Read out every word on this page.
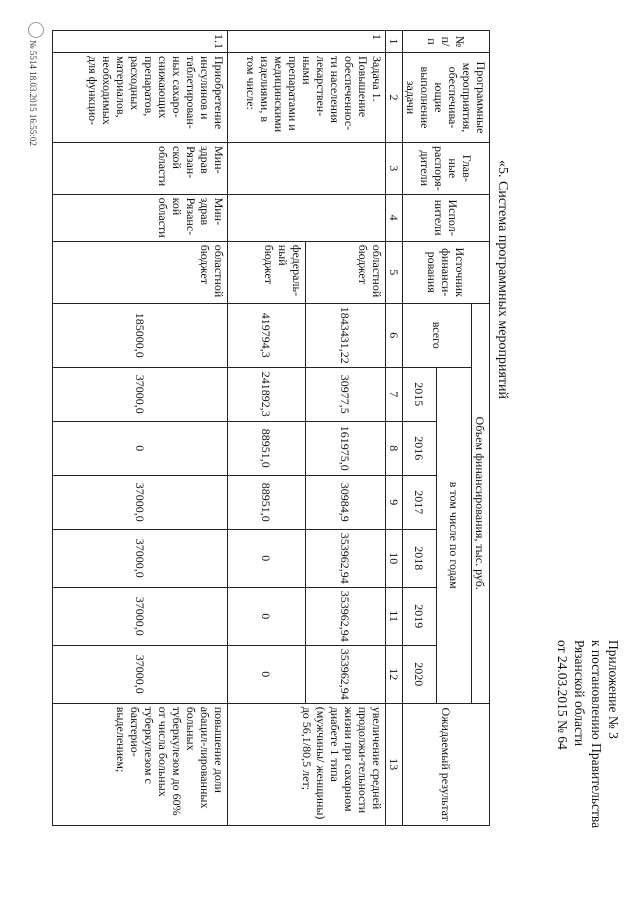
Приложение № 3
к постановлению Правительства
Рязанской области
от 24.03.2015 № 64
«5. Система программных мероприятий
№ п/п	Программные мероприятия, обеспечива-ющие выполнение задачи	Глав-ные распоря-дители	Испол-нители	Источник финанси-рования	Объем финансирования, тыс. руб.							Ожидаемый результат
					всего	в том числе по годам						
						2015	2016	2017	2018	2019	2020	
1	2	3	4	5	6	7	8	9	10	11	12	13
1	Задача 1. Повышение обеспеченнос-ти населения лекарствен-ными препаратами и медицинскими изделиями, в том числе:			областной бюджет	1843431,22	30977,5	161975,0	30984,9	353962,94	353962,94	353962,94	увеличение средней продолжи-тельности жизни при сахарном диабете 1 типа (мужчины/ женщины) до 56,1/80,5 лет;
				федераль-ный бюджет	419794,3	241892,3	88951,0	88951,0	0	0	0	
1.1	Приобретение инсулинов и таблетирован-ных сахаро-снижающих препаратов, расходных материалов, необходимых для функцио-	Мин-здрав Рязан-ской области	Мин-здрав Рязанс-кой области	областной бюджет	185000,0	37000,0	0	37000,0	37000,0	37000,0	37000,0	повышение доли абацил-лированных больных туберкулезом до 60% от числа больных туберкулезом с бактерио-выделением;
№ 5514 18.03.2015 16:55:02
